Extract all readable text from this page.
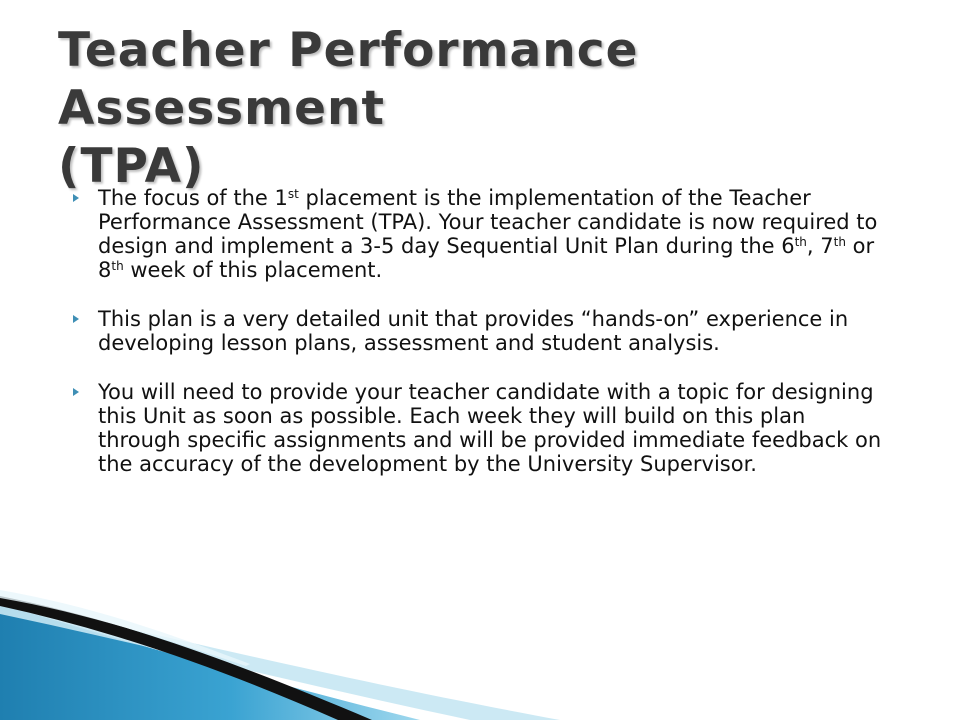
Teacher Performance Assessment
(TPA)
The focus of the 1st placement is the implementation of the Teacher Performance Assessment (TPA). Your teacher candidate is now required to design and implement a 3-5 day Sequential Unit Plan during the 6th, 7th or 8th week of this placement.
This plan is a very detailed unit that provides “hands-on” experience in developing lesson plans, assessment and student analysis.
You will need to provide your teacher candidate with a topic for designing this Unit as soon as possible. Each week they will build on this plan through specific assignments and will be provided immediate feedback on the accuracy of the development by the University Supervisor.
